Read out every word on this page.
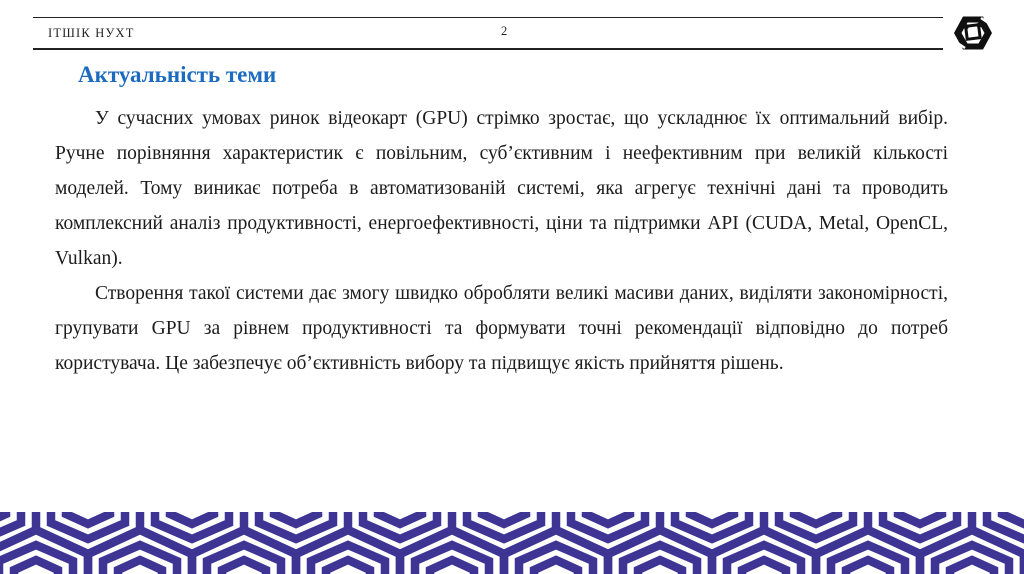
ІТШІК НУХТ	2
Актуальність теми

У сучасних умовах ринок відеокарт (GPU) стрімко зростає, що ускладнює їх оптимальний вибір. Ручне порівняння характеристик є повільним, суб’єктивним і неефективним при великій кількості моделей. Тому виникає потреба в автоматизованій системі, яка агрегує технічні дані та проводить комплексний аналіз продуктивності, енергоефективності, ціни та підтримки API (CUDA, Metal, OpenCL, Vulkan).

Створення такої системи дає змогу швидко обробляти великі масиви даних, виділяти закономірності, групувати GPU за рівнем продуктивності та формувати точні рекомендації відповідно до потреб користувача. Це забезпечує об’єктивність вибору та підвищує якість прийняття рішень.
